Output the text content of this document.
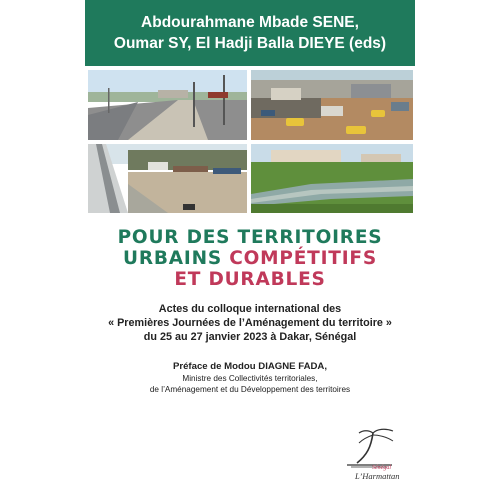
Abdourahmane Mbade SENE,
Oumar SY, El Hadji Balla DIEYE (eds)
POUR DES TERRITOIRES
URBAINS COMPÉTITIFS
ET DURABLES
Actes du colloque international des
« Premières Journées de l’Aménagement du territoire »
du 25 au 27 janvier 2023 à Dakar, Sénégal
Préface de Modou DIAGNE FADA,
Ministre des Collectivités territoriales,
de l’Aménagement et du Développement des territoires
Sénégal
L’Harmattan
